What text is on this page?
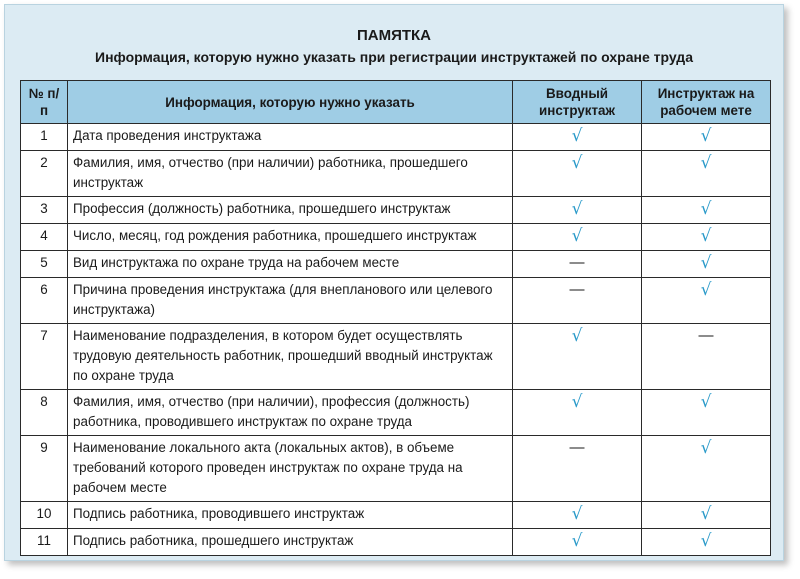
ПАМЯТКА
Информация, которую нужно указать при регистрации инструктажей по охране труда
№ п/п	Информация, которую нужно указать	Вводный инструктаж	Инструктаж на рабочем мете
1	Дата проведения инструктажа	√	√
2	Фамилия, имя, отчество (при наличии) работника, прошедшего инструктаж	√	√
3	Профессия (должность) работника, прошедшего инструктаж	√	√
4	Число, месяц, год рождения работника, прошедшего инструктаж	√	√
5	Вид инструктажа по охране труда на рабочем месте	—	√
6	Причина проведения инструктажа (для внепланового или целевого инструктажа)	—	√
7	Наименование подразделения, в котором будет осуществлять трудовую деятельность работник, прошедший вводный инструктаж по охране труда	√	—
8	Фамилия, имя, отчество (при наличии), профессия (должность) работника, проводившего инструктаж по охране труда	√	√
9	Наименование локального акта (локальных актов), в объеме требований которого проведен инструктаж по охране труда на рабочем месте	—	√
10	Подпись работника, проводившего инструктаж	√	√
11	Подпись работника, прошедшего инструктаж	√	√
